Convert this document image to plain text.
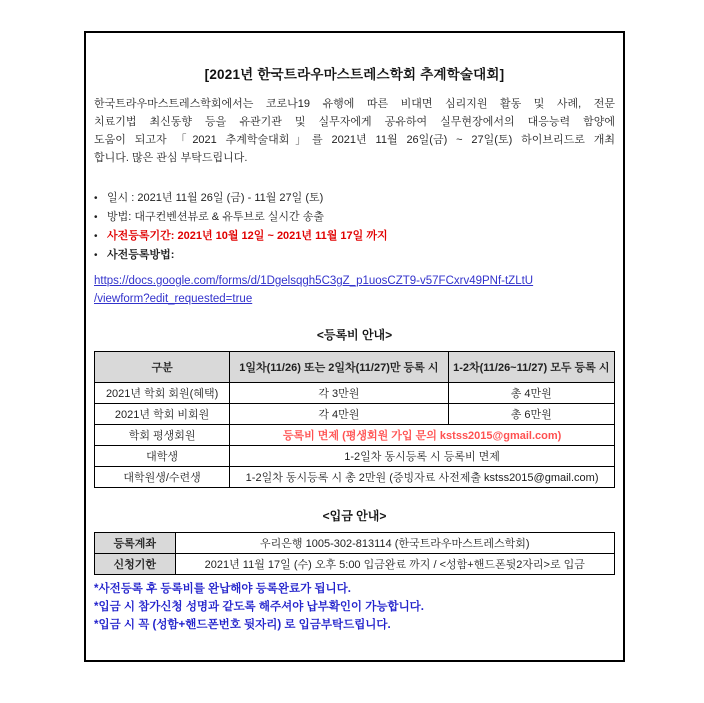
[2021년 한국트라우마스트레스학회 추계학술대회]
한국트라우마스트레스학회에서는 코로나19 유행에 따른 비대면 심리지원 활동 및 사례, 전문
치료기법 최신동향 등을 유관기관 및 실무자에게 공유하여 실무현장에서의 대응능력 함양에
도움이 되고자 「2021 추계학술대회」를 2021년 11월 26일(금) ~ 27일(토) 하이브리드로 개최
합니다. 많은 관심 부탁드립니다.
• 일시 : 2021년 11월 26일 (금) - 11월 27일 (토)
• 방법: 대구컨벤션뷰로 & 유투브로 실시간 송출
• 사전등록기간: 2021년 10월 12일 ~ 2021년 11월 17일 까지
• 사전등록방법:
https://docs.google.com/forms/d/1Dgelsqgh5C3gZ_p1uosCZT9-v57FCxrv49PNf-tZLtU
/viewform?edit_requested=true
<등록비 안내>
구분	1일차(11/26) 또는 2일차(11/27)만 등록 시	1-2차(11/26~11/27) 모두 등록 시
2021년 학회 회원(혜택)	각 3만원	총 4만원
2021년 학회 비회원	각 4만원	총 6만원
학회 평생회원	등록비 면제 (평생회원 가입 문의 kstss2015@gmail.com)	
대학생	1-2일차 동시등록 시 등록비 면제	
대학원생/수련생	1-2일차 동시등록 시 총 2만원 (증빙자료 사전제출 kstss2015@gmail.com)	
<입금 안내>
등록계좌	우리은행 1005-302-813114 (한국트라우마스트레스학회)
신청기한	2021년 11월 17일 (수) 오후 5:00 입금완료 까지 / <성함+핸드폰뒷2자리>로 입금
*사전등록 후 등록비를 완납해야 등록완료가 됩니다.
*입금 시 참가신청 성명과 같도록 해주셔야 납부확인이 가능합니다.
*입금 시 꼭 (성함+핸드폰번호 뒷자리) 로 입금부탁드립니다.
